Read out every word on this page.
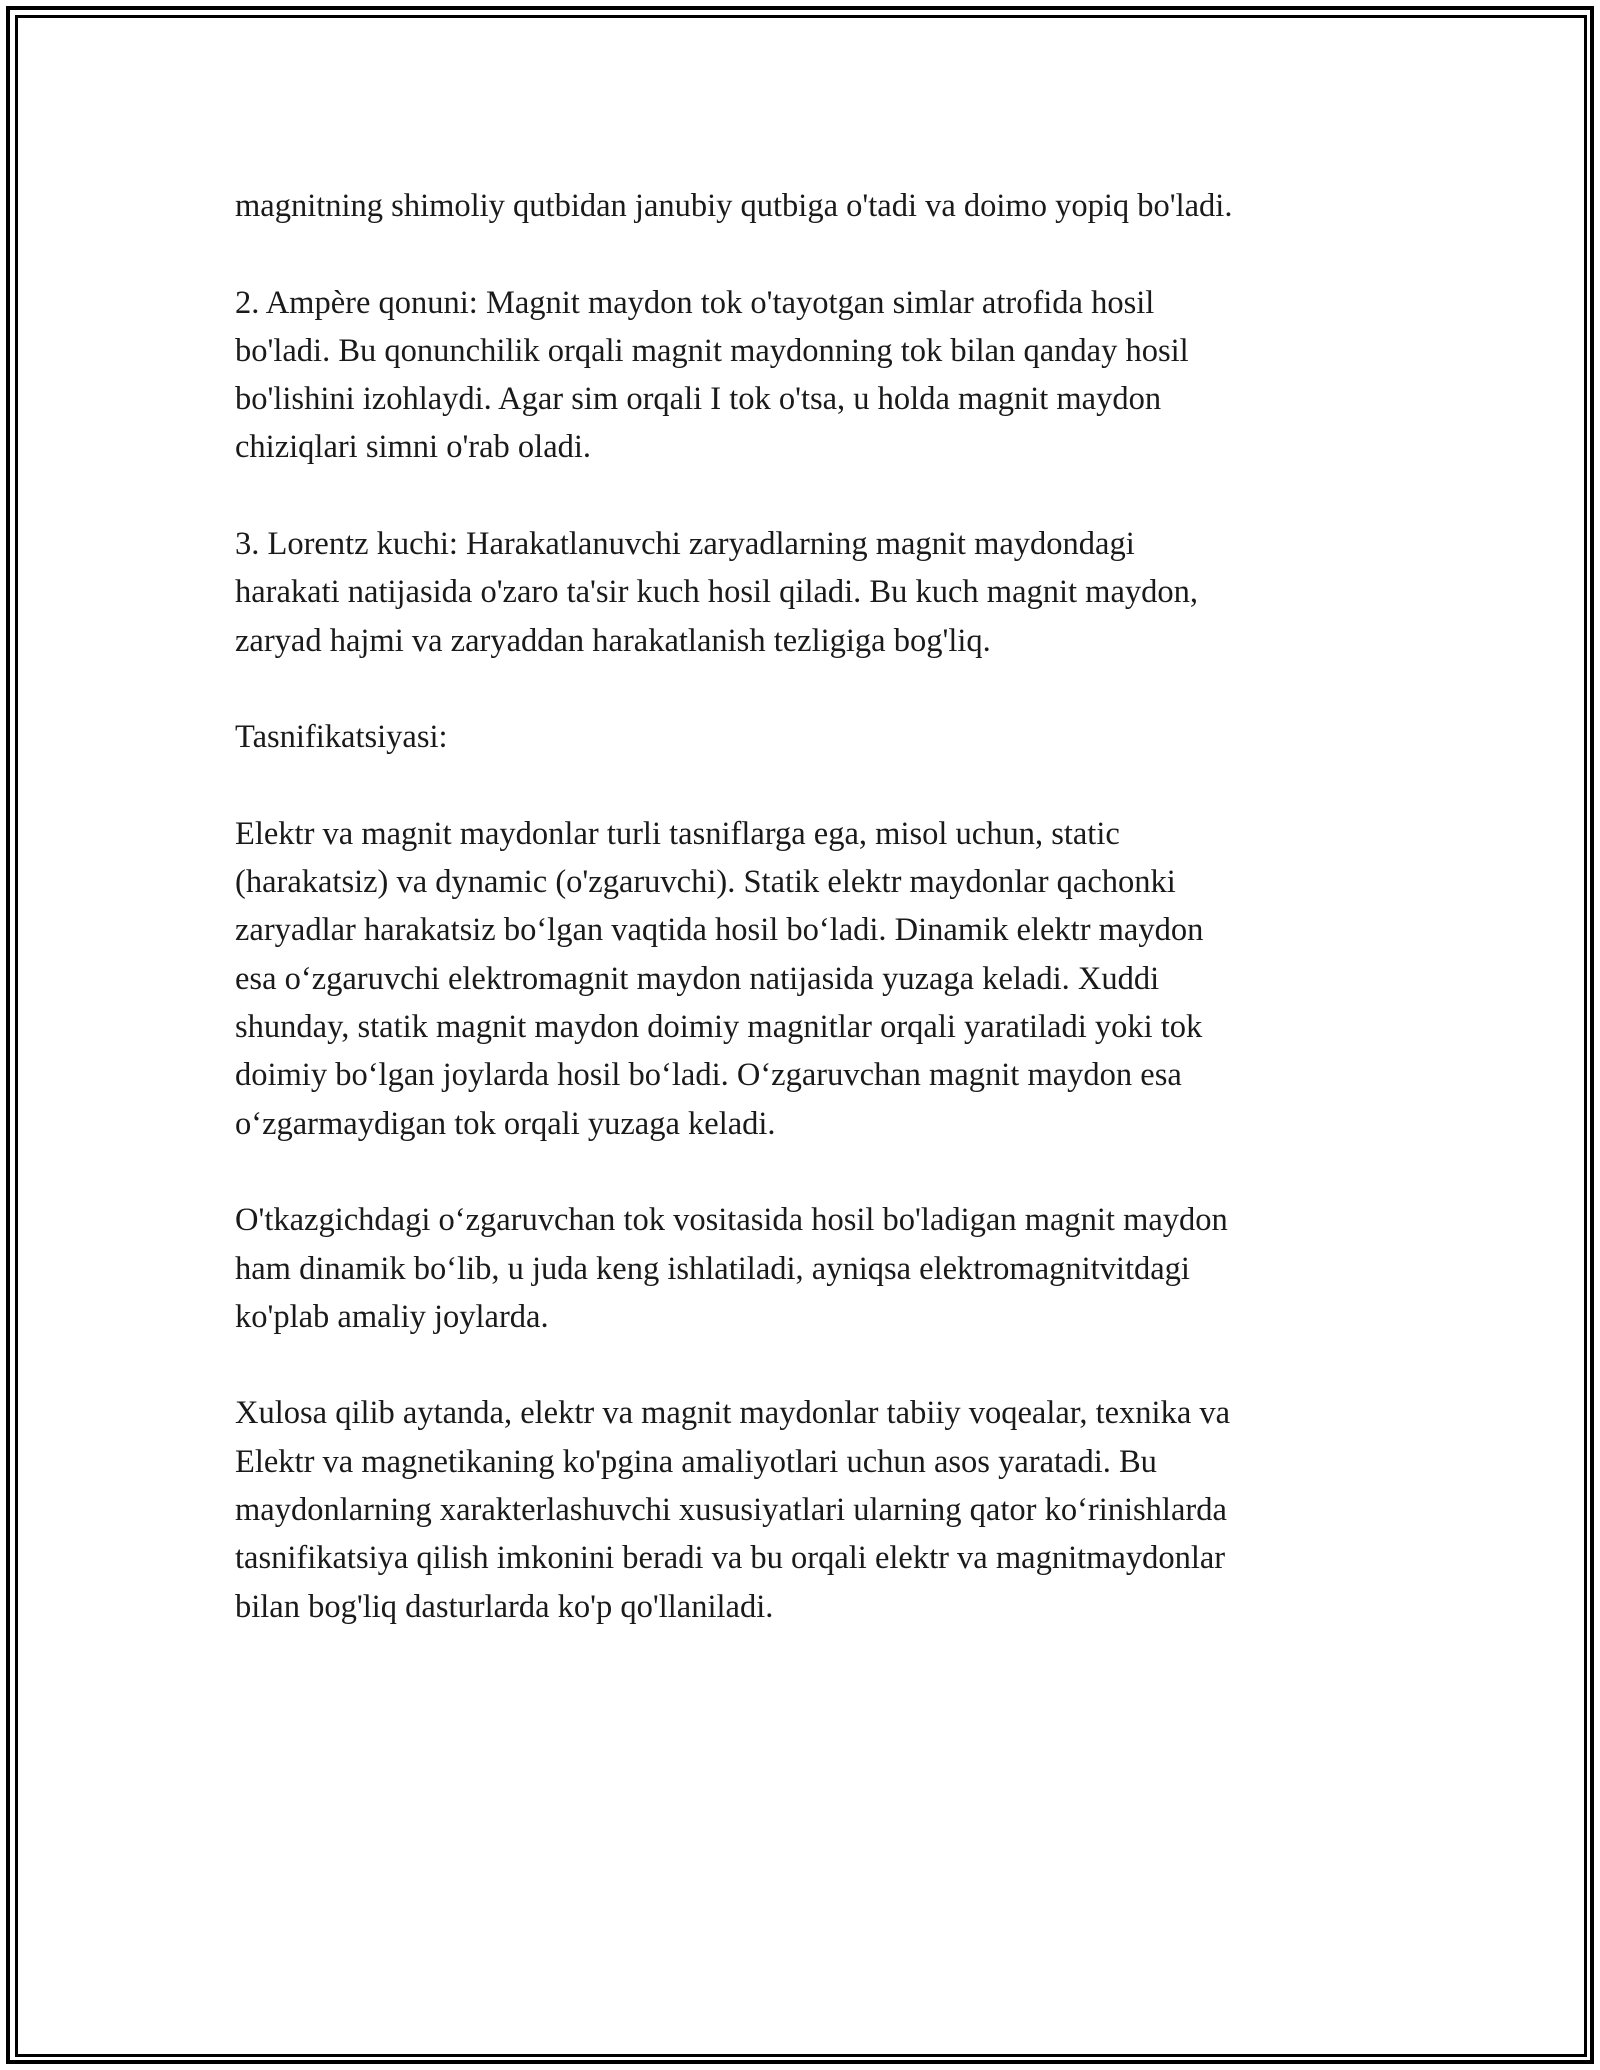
magnitning shimoliy qutbidan janubiy qutbiga o'tadi va doimo yopiq bo'ladi.

2. Ampère qonuni: Magnit maydon tok o'tayotgan simlar atrofida hosil
bo'ladi. Bu qonunchilik orqali magnit maydonning tok bilan qanday hosil
bo'lishini izohlaydi. Agar sim orqali I tok o'tsa, u holda magnit maydon
chiziqlari simni o'rab oladi.

3. Lorentz kuchi: Harakatlanuvchi zaryadlarning magnit maydondagi
harakati natijasida o'zaro ta'sir kuch hosil qiladi. Bu kuch magnit maydon,
zaryad hajmi va zaryaddan harakatlanish tezligiga bog'liq.

Tasnifikatsiyasi:

Elektr va magnit maydonlar turli tasniflarga ega, misol uchun, static
(harakatsiz) va dynamic (o'zgaruvchi). Statik elektr maydonlar qachonki
zaryadlar harakatsiz bo‘lgan vaqtida hosil bo‘ladi. Dinamik elektr maydon
esa o‘zgaruvchi elektromagnit maydon natijasida yuzaga keladi. Xuddi
shunday, statik magnit maydon doimiy magnitlar orqali yaratiladi yoki tok
doimiy bo‘lgan joylarda hosil bo‘ladi. O‘zgaruvchan magnit maydon esa
o‘zgarmaydigan tok orqali yuzaga keladi.

O'tkazgichdagi o‘zgaruvchan tok vositasida hosil bo'ladigan magnit maydon
ham dinamik bo‘lib, u juda keng ishlatiladi, ayniqsa elektromagnitvitdagi
ko'plab amaliy joylarda.

Xulosa qilib aytanda, elektr va magnit maydonlar tabiiy voqealar, texnika va
Elektr va magnetikaning ko'pgina amaliyotlari uchun asos yaratadi. Bu
maydonlarning xarakterlashuvchi xususiyatlari ularning qator ko‘rinishlarda
tasnifikatsiya qilish imkonini beradi va bu orqali elektr va magnitmaydonlar
bilan bog'liq dasturlarda ko'p qo'llaniladi.
